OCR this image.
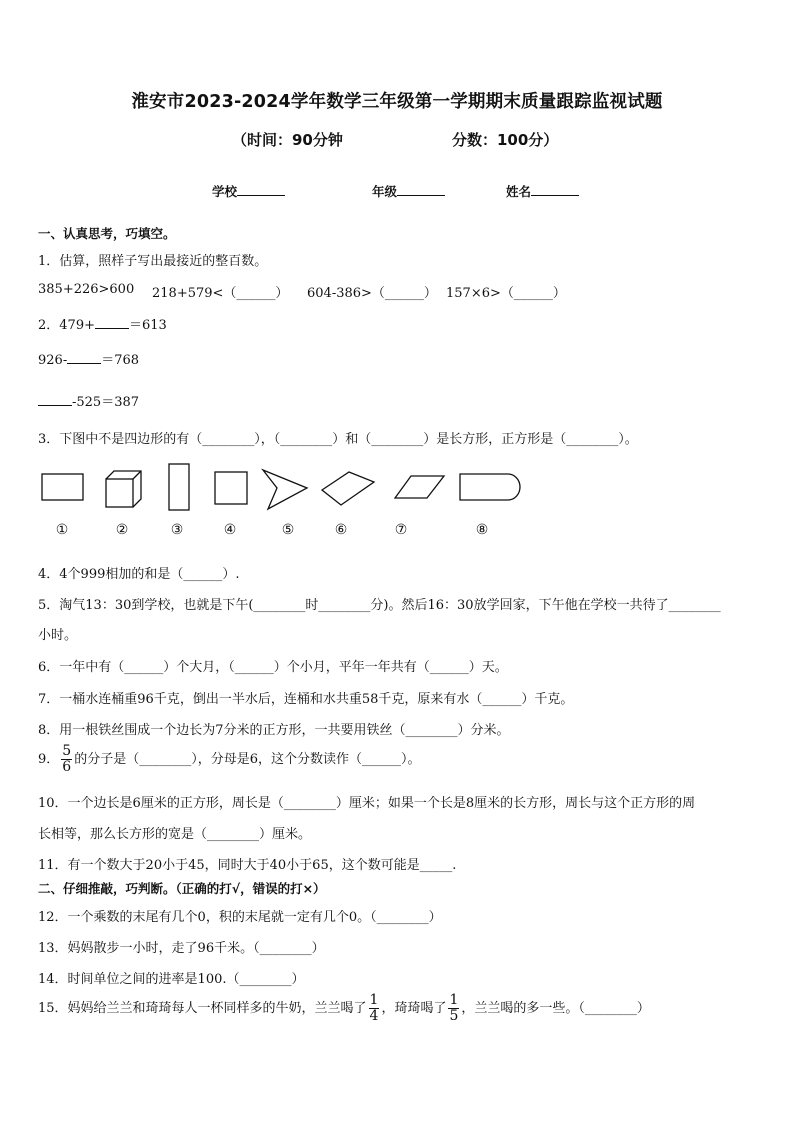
淮安市2023-2024学年数学三年级第一学期期末质量跟踪监视试题
（时间：90分钟	分数：100分）
学校	年级	姓名
一、认真思考，巧填空。
1．估算，照样子写出最接近的整百数。
385+226>600 218+579<（______） 604-386>（______） 157×6>（______）
2．479+	＝613
926-	＝768
-525＝387
3．下图中不是四边形的有（________），（________）和（________）是长方形，正方形是（________）。
①	②	③	④	⑤	⑥	⑦	⑧
4．4个999相加的和是（______）.
5．淘气13：30到学校，也就是下午(________时________分)。然后16：30放学回家，下午他在学校一共待了________
小时。
6．一年中有（______）个大月，（______）个小月，平年一年共有（______）天。
7．一桶水连桶重96千克，倒出一半水后，连桶和水共重58千克，原来有水（______）千克。
8．用一根铁丝围成一个边长为7分米的正方形，一共要用铁丝（________）分米。
9． $\frac{5}{6}$ 的分子是（________），分母是6，这个分数读作（______）。
10．一个边长是6厘米的正方形，周长是（________）厘米；如果一个长是8厘米的长方形，周长与这个正方形的周
长相等，那么长方形的宽是（________）厘米。
11．有一个数大于20小于45，同时大于40小于65，这个数可能是_____.
二、仔细推敲，巧判断。（正确的打√，错误的打×）
12．一个乘数的末尾有几个0，积的末尾就一定有几个0。（________）
13．妈妈散步一小时，走了96千米。（________）
14．时间单位之间的进率是100.（________）
15．妈妈给兰兰和琦琦每人一杯同样多的牛奶，兰兰喝了 $\frac{1}{4}$ ，琦琦喝了 $\frac{1}{5}$ ，兰兰喝的多一些。（________）
